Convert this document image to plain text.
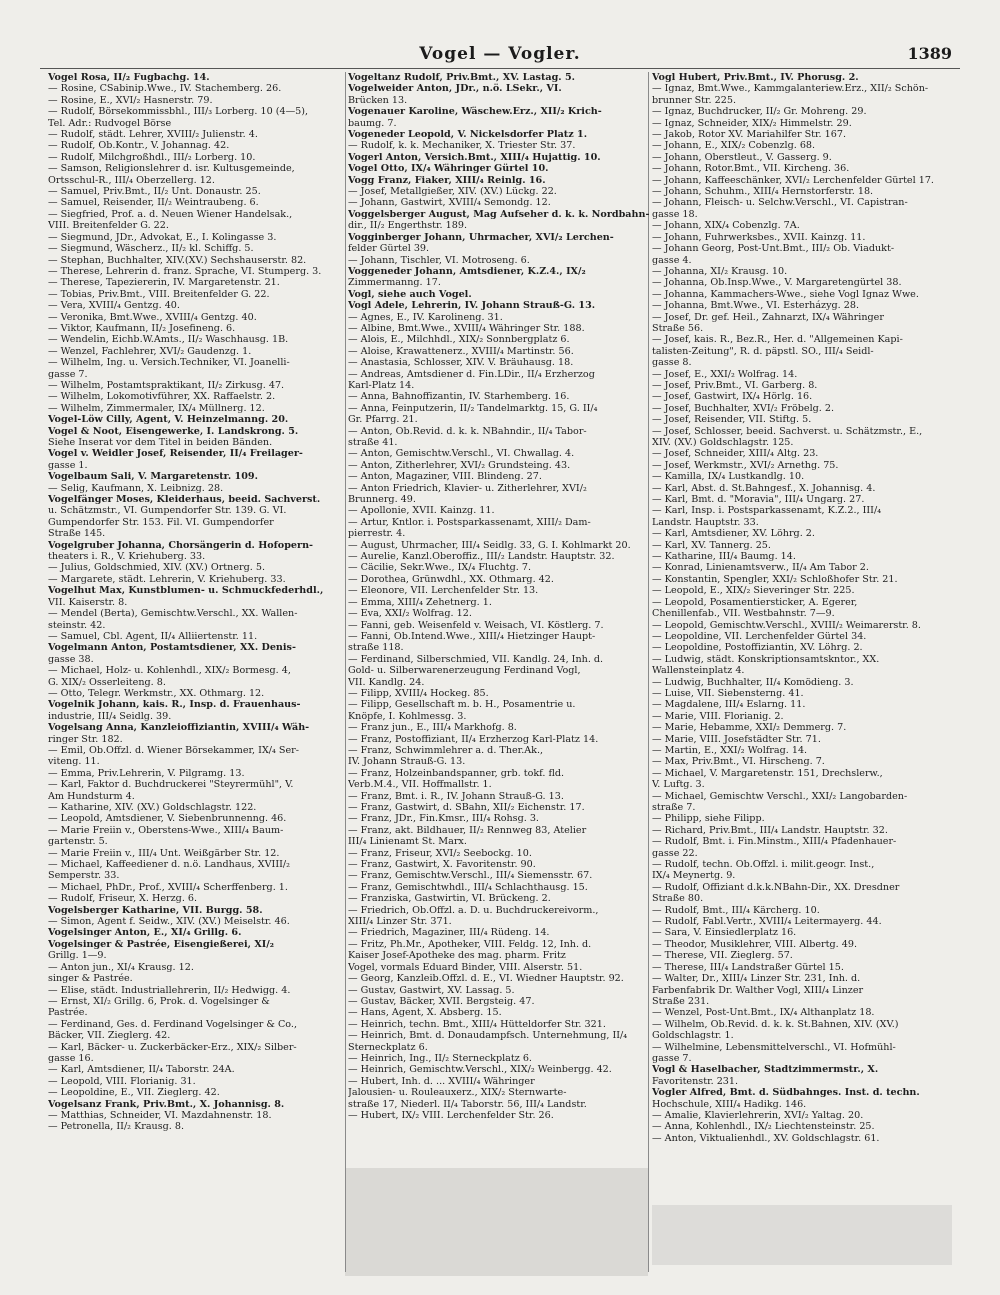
Vogel — Vogler.	1389

Vogel Rosa, II/₂ Fugbachg. 14.

— Rosine, CSabinip.Wwe., IV. Stachemberg. 26.

— Rosine, E., XVI/₂ Hasnerstr. 79.

— Rudolf, Börsekommissbhl., III/₃ Lorberg. 10 (4—5),

Tel. Adr.: Rudvogel Börse

— Rudolf, städt. Lehrer, XVIII/₂ Julienstr. 4.

— Rudolf, Ob.Kontr., V. Johannag. 42.

— Rudolf, Milchgroßhdl., III/₂ Lorberg. 10.

— Samson, Religionslehrer d. isr. Kultusgemeinde,

Ortsschul-R., III/₄ Oberzellerg. 12.

— Samuel, Priv.Bmt., II/₂ Unt. Donaustr. 25.

— Samuel, Reisender, II/₂ Weintraubeng. 6.

— Siegfried, Prof. a. d. Neuen Wiener Handelsak.,

VIII. Breitenfelder G. 22.

— Siegmund, JDr., Advokat, E., I. Kolingasse 3.

— Siegmund, Wäscherz., II/₂ kl. Schiffg. 5.

— Stephan, Buchhalter, XIV.(XV.) Sechshauserstr. 82.

— Therese, Lehrerin d. franz. Sprache, VI. Stumperg. 3.

— Therese, Tapeziererin, IV. Margaretenstr. 21.

— Tobias, Priv.Bmt., VIII. Breitenfelder G. 22.

— Vera, XVIII/₄ Gentzg. 40.

— Veronika, Bmt.Wwe., XVIII/₄ Gentzg. 40.

— Viktor, Kaufmann, II/₂ Josefineng. 6.

— Wendelin, Eichb.W.Amts., II/₂ Waschhausg. 1B.

— Wenzel, Fachlehrer, XVI/₂ Gaudenzg. 1.

— Wilhelm, Ing. u. Versich.Techniker, VI. Joanelli-

gasse 7.

— Wilhelm, Postamtspraktikant, II/₂ Zirkusg. 47.

— Wilhelm, Lokomotivführer, XX. Raffaelstr. 2.

— Wilhelm, Zimmermaler, IX/₄ Müllnerg. 12.

Vogel-Löw Cilly, Agent, V. Heinzelmanng. 20.

Vogel & Noot, Eisengewerke, I. Landskrong. 5.

Siehe Inserat vor dem Titel in beiden Bänden.

Vogel v. Weidler Josef, Reisender, II/₄ Freilager-

gasse 1.

Vogelbaum Sali, V. Margaretenstr. 109.

— Selig, Kaufmann, X. Leibnizg. 28.

Vogelfänger Moses, Kleiderhaus, beeid. Sachverst.

u. Schätzmstr., VI. Gumpendorfer Str. 139. G. VI.

Gumpendorfer Str. 153. Fil. VI. Gumpendorfer

Straße 145.

Vogelgruber Johanna, Chorsängerin d. Hofopern-

theaters i. R., V. Kriehuberg. 33.

— Julius, Goldschmied, XIV. (XV.) Ortnerg. 5.

— Margarete, städt. Lehrerin, V. Kriehuberg. 33.

Vogelhut Max, Kunstblumen- u. Schmuckfederhdl.,

VII. Kaiserstr. 8.

— Mendel (Berta), Gemischtw.Verschl., XX. Wallen-

steinstr. 42.

— Samuel, Cbl. Agent, II/₄ Alliiertenstr. 11.

Vogelmann Anton, Postamtsdiener, XX. Denis-

gasse 38.

— Michael, Holz- u. Kohlenhdl., XIX/₂ Bormesg. 4,

G. XIX/₂ Osserleiteng. 8.

— Otto, Telegr. Werkmstr., XX. Othmarg. 12.

Vogelnik Johann, kais. R., Insp. d. Frauenhaus-

industrie, III/₄ Seidlg. 39.

Vogelsang Anna, Kanzleioffiziantin, XVIII/₄ Wäh-

ringer Str. 182.

— Emil, Ob.Offzl. d. Wiener Börsekammer, IX/₄ Ser-

viteng. 11.

— Emma, Priv.Lehrerin, V. Pilgramg. 13.

— Karl, Faktor d. Buchdruckerei "Steyrermühl", V.

Am Hundsturm 4.

— Katharine, XIV. (XV.) Goldschlagstr. 122.

— Leopold, Amtsdiener, V. Siebenbrunnenng. 46.

— Marie Freiin v., Oberstens-Wwe., XIII/₄ Baum-

gartenstr. 5.

— Marie Freiin v., III/₄ Unt. Weißgärber Str. 12.

— Michael, Kaffeediener d. n.ö. Landhaus, XVIII/₂

Semperstr. 33.

— Michael, PhDr., Prof., XVIII/₄ Scherffenberg. 1.

— Rudolf, Friseur, X. Herzg. 6.

Vogelsberger Katharine, VII. Burgg. 58.

— Simon, Agent f. Seidw., XIV. (XV.) Meiselstr. 46.

Vogelsinger Anton, E., XI/₄ Grillg. 6.

Vogelsinger & Pastrée, Eisengießerei, XI/₂

Grillg. 1—9.

— Anton jun., XI/₄ Krausg. 12.

singer & Pastrée.

— Elise, städt. Industriallehrerin, II/₂ Hedwigg. 4.

— Ernst, XI/₂ Grillg. 6, Prok. d. Vogelsinger &

Pastrée.

— Ferdinand, Ges. d. Ferdinand Vogelsinger & Co.,

Bäcker, VII. Zieglerg. 42.

— Karl, Bäcker- u. Zuckerbäcker-Erz., XIX/₂ Silber-

gasse 16.

— Karl, Amtsdiener, II/₄ Taborstr. 24A.

— Leopold, VIII. Florianig. 31.

— Leopoldine, E., VII. Zieglerg. 42.

Vogelsanz Frank, Priv.Bmt., X. Johannisg. 8.

— Matthias, Schneider, VI. Mazdahnenstr. 18.

— Petronella, II/₂ Krausg. 8.

Vogeltanz Rudolf, Priv.Bmt., XV. Lastag. 5.

Vogelweider Anton, JDr., n.ö. LSekr., VI.

Brücken 13.

Vogenauer Karoline, Wäschew.Erz., XII/₂ Krich-

baumg. 7.

Vogeneder Leopold, V. Nickelsdorfer Platz 1.

— Rudolf, k. k. Mechaniker, X. Triester Str. 37.

Vogerl Anton, Versich.Bmt., XIII/₄ Hujattig. 10.

Vogel Otto, IX/₄ Währinger Gürtel 10.

Vogg Franz, Fiaker, XIII/₄ Reinlg. 16.

— Josef, Metallgießer, XIV. (XV.) Lückg. 22.

— Johann, Gastwirt, XVIII/₄ Semondg. 12.

Voggelsberger August, Mag Aufseher d. k. k. Nordbahn-

dir., II/₂ Engerthstr. 189.

Vogginberger Johann, Uhrmacher, XVI/₂ Lerchen-

felder Gürtel 39.

— Johann, Tischler, VI. Motroseng. 6.

Voggeneder Johann, Amtsdiener, K.Z.4., IX/₂

Zimmermanng. 17.

Vogl, siehe auch Vogel.

Vogl Adele, Lehrerin, IV. Johann Strauß-G. 13.

— Agnes, E., IV. Karolineng. 31.

— Albine, Bmt.Wwe., XVIII/₄ Währinger Str. 188.

— Alois, E., Milchhdl., XIX/₂ Sonnbergplatz 6.

— Aloise, Krawattenerz., XVIII/₄ Martinstr. 56.

— Anastasia, Schlosser, XIV. V. Bräuhausg. 18.

— Andreas, Amtsdiener d. Fin.LDir., II/₄ Erzherzog

Karl-Platz 14.

— Anna, Bahnoffizantin, IV. Starhemberg. 16.

— Anna, Feinputzerin, II/₂ Tandelmarktg. 15, G. II/₄

Gr. Pfarrg. 21.

— Anton, Ob.Revid. d. k. k. NBahndir., II/₄ Tabor-

straße 41.

— Anton, Gemischtw.Verschl., VI. Chwallag. 4.

— Anton, Zitherlehrer, XVI/₂ Grundsteing. 43.

— Anton, Magaziner, VIII. Blindeng. 27.

— Anton Friedrich, Klavier- u. Zitherlehrer, XVI/₂

Brunnerg. 49.

— Apollonie, XVII. Kainzg. 11.

— Artur, Kntlor. i. Postsparkassenamt, XIII/₂ Dam-

pierrestr. 4.

— August, Uhrmacher, III/₄ Seidlg. 33, G. I. Kohlmarkt 20.

— Aurelie, Kanzl.Oberoffiz., III/₂ Landstr. Hauptstr. 32.

— Cäcilie, Sekr.Wwe., IX/₄ Fluchtg. 7.

— Dorothea, Grünwdhl., XX. Othmarg. 42.

— Eleonore, VII. Lerchenfelder Str. 13.

— Emma, XIII/₄ Zehetnerg. 1.

— Eva, XXI/₂ Wolfrag. 12.

— Fanni, geb. Weisenfeld v. Weisach, VI. Köstlerg. 7.

— Fanni, Ob.Intend.Wwe., XIII/₄ Hietzinger Haupt-

straße 118.

— Ferdinand, Silberschmied, VII. Kandlg. 24, Inh. d.

Gold- u. Silberwarenerzeugung Ferdinand Vogl,

VII. Kandlg. 24.

— Filipp, XVIII/₄ Hockeg. 85.

— Filipp, Gesellschaft m. b. H., Posamentrie u.

Knöpfe, I. Kohlmessg. 3.

— Franz jun., E., III/₄ Markhofg. 8.

— Franz, Postoffiziant, II/₄ Erzherzog Karl-Platz 14.

— Franz, Schwimmlehrer a. d. Ther.Ak.,

IV. Johann Strauß-G. 13.

— Franz, Holzeinbandspanner, grb. tokf. fld.

Verb.M.4., VII. Hoffmallstr. 1.

— Franz, Bmt. i. R., IV. Johann Strauß-G. 13.

— Franz, Gastwirt, d. SBahn, XII/₂ Eichenstr. 17.

— Franz, JDr., Fin.Kmsr., III/₄ Rohsg. 3.

— Franz, akt. Bildhauer, II/₂ Rennweg 83, Atelier

III/₄ Linienamt St. Marx.

— Franz, Friseur, XVI/₂ Seebockg. 10.

— Franz, Gastwirt, X. Favoritenstr. 90.

— Franz, Gemischtw.Verschl., III/₄ Siemensstr. 67.

— Franz, Gemischtwhdl., III/₄ Schlachthausg. 15.

— Franziska, Gastwirtin, VI. Brückeng. 2.

— Friedrich, Ob.Offzl. a. D. u. Buchdruckereivorm.,

XIII/₄ Linzer Str. 371.

— Friedrich, Magaziner, III/₄ Rüdeng. 14.

— Fritz, Ph.Mr., Apotheker, VIII. Feldg. 12, Inh. d.

Kaiser Josef-Apotheke des mag. pharm. Fritz

Vogel, vormals Eduard Binder, VIII. Alserstr. 51.

— Georg, Kanzleib.Offzl. d. E., VI. Wiedner Hauptstr. 92.

— Gustav, Gastwirt, XV. Lassag. 5.

— Gustav, Bäcker, XVII. Bergsteig. 47.

— Hans, Agent, X. Absberg. 15.

— Heinrich, techn. Bmt., XIII/₄ Hütteldorfer Str. 321.

— Heinrich, Bmt. d. Donaudampfsch. Unternehmung, II/₄

Sterneckplatz 6.

— Heinrich, Ing., II/₂ Sterneckplatz 6.

— Heinrich, Gemischtw.Verschl., XIX/₂ Weinbergg. 42.

— Hubert, Inh. d. ... XVIII/₄ Währinger

Jalousien- u. Rouleauxerz., XIX/₂ Sternwarte-

straße 17, Niederl. II/₄ Taborstr. 56, III/₄ Landstr.

— Hubert, IX/₂ VIII. Lerchenfelder Str. 26.

Vogl Hubert, Priv.Bmt., IV. Phorusg. 2.

— Ignaz, Bmt.Wwe., Kammgalanteriew.Erz., XII/₂ Schön-

brunner Str. 225.

— Ignaz, Buchdrucker, II/₂ Gr. Mohreng. 29.

— Ignaz, Schneider, XIX/₂ Himmelstr. 29.

— Jakob, Rotor XV. Mariahilfer Str. 167.

— Johann, E., XIX/₂ Cobenzlg. 68.

— Johann, Oberstleut., V. Gasserg. 9.

— Johann, Rotor.Bmt., VII. Kircheng. 36.

— Johann, Kaffeeschänker, XVI/₂ Lerchenfelder Gürtel 17.

— Johann, Schuhm., XIII/₄ Hernstorferstr. 18.

— Johann, Fleisch- u. Selchw.Verschl., VI. Capistran-

gasse 18.

— Johann, XIX/₄ Cobenzlg. 7A.

— Johann, Fuhrwerksbes., XVII. Kainzg. 11.

— Johann Georg, Post-Unt.Bmt., III/₂ Ob. Viadukt-

gasse 4.

— Johanna, XI/₂ Krausg. 10.

— Johanna, Ob.Insp.Wwe., V. Margaretengürtel 38.

— Johanna, Kammachers-Wwe., siehe Vogl Ignaz Wwe.

— Johanna, Bmt.Wwe., VI. Esterházyg. 28.

— Josef, Dr. gef. Heil., Zahnarzt, IX/₄ Währinger

Straße 56.

— Josef, kais. R., Bez.R., Her. d. "Allgemeinen Kapi-

talisten-Zeitung", R. d. päpstl. SO., III/₄ Seidl-

gasse 8.

— Josef, E., XXI/₂ Wolfrag. 14.

— Josef, Priv.Bmt., VI. Garberg. 8.

— Josef, Gastwirt, IX/₄ Hörlg. 16.

— Josef, Buchhalter, XVI/₂ Fröbelg. 2.

— Josef, Reisender, VII. Stiftg. 5.

— Josef, Schlosser, beeid. Sachverst. u. Schätzmstr., E.,

XIV. (XV.) Goldschlagstr. 125.

— Josef, Schneider, XIII/₄ Altg. 23.

— Josef, Werkmstr., XVI/₂ Arnethg. 75.

— Kamilla, IX/₄ Lustkandlg. 10.

— Karl, Abst. d. St.Bahngesf., X. Johannisg. 4.

— Karl, Bmt. d. "Moravia", III/₄ Ungarg. 27.

— Karl, Insp. i. Postsparkassenamt, K.Z.2., III/₄

Landstr. Hauptstr. 33.

— Karl, Amtsdiener, XV. Löhrg. 2.

— Karl, XV. Tannerg. 25.

— Katharine, III/₄ Baumg. 14.

— Konrad, Linienamtsverw., II/₄ Am Tabor 2.

— Konstantin, Spengler, XXI/₂ Schloßhofer Str. 21.

— Leopold, E., XIX/₂ Sieveringer Str. 225.

— Leopold, Posamentiersticker, A. Egerer,

Chenillenfab., VII. Westbahnstr. 7—9.

— Leopold, Gemischtw.Verschl., XVIII/₂ Weimarerstr. 8.

— Leopoldine, VII. Lerchenfelder Gürtel 34.

— Leopoldine, Postoffiziantin, XV. Löhrg. 2.

— Ludwig, städt. Konskriptionsamtskntor., XX.

Wallensteinplatz 4.

— Ludwig, Buchhalter, II/₄ Komödieng. 3.

— Luise, VII. Siebensterng. 41.

— Magdalene, III/₄ Eslarng. 11.

— Marie, VIII. Florianig. 2.

— Marie, Hebamme, XXI/₂ Demmerg. 7.

— Marie, VIII. Josefstädter Str. 71.

— Martin, E., XXI/₂ Wolfrag. 14.

— Max, Priv.Bmt., VI. Hirscheng. 7.

— Michael, V. Margaretenstr. 151, Drechslerw.,

V. Luftg. 3.

— Michael, Gemischtw Verschl., XXI/₂ Langobarden-

straße 7.

— Philipp, siehe Filipp.

— Richard, Priv.Bmt., III/₄ Landstr. Hauptstr. 32.

— Rudolf, Bmt. i. Fin.Minstm., XIII/₄ Pfadenhauer-

gasse 22.

— Rudolf, techn. Ob.Offzl. i. milit.geogr. Inst.,

IX/₄ Meynertg. 9.

— Rudolf, Offiziant d.k.k.NBahn-Dir., XX. Dresdner

Straße 80.

— Rudolf, Bmt., III/₄ Kärcherg. 10.

— Rudolf, Fabl.Vertr., XVIII/₄ Leitermayerg. 44.

— Sara, V. Einsiedlerplatz 16.

— Theodor, Musiklehrer, VIII. Albertg. 49.

— Therese, VII. Zieglerg. 57.

— Therese, III/₄ Landstraßer Gürtel 15.

— Walter, Dr., XIII/₄ Linzer Str. 231, Inh. d.

Farbenfabrik Dr. Walther Vogl, XIII/₄ Linzer

Straße 231.

— Wenzel, Post-Unt.Bmt., IX/₄ Althanplatz 18.

— Wilhelm, Ob.Revid. d. k. k. St.Bahnen, XIV. (XV.)

Goldschlagstr. 1.

— Wilhelmine, Lebensmittelverschl., VI. Hofmühl-

gasse 7.

Vogl & Haselbacher, Stadtzimmermstr., X.

Favoritenstr. 231.

Vogler Alfred, Bmt. d. Südbahnges. Inst. d. techn.

Hochschule, XIII/₄ Hadikg. 146.

— Amalie, Klavierlehrerin, XVI/₂ Yaltag. 20.

— Anna, Kohlenhdl., IX/₂ Liechtensteinstr. 25.

— Anton, Viktualienhdl., XV. Goldschlagstr. 61.
